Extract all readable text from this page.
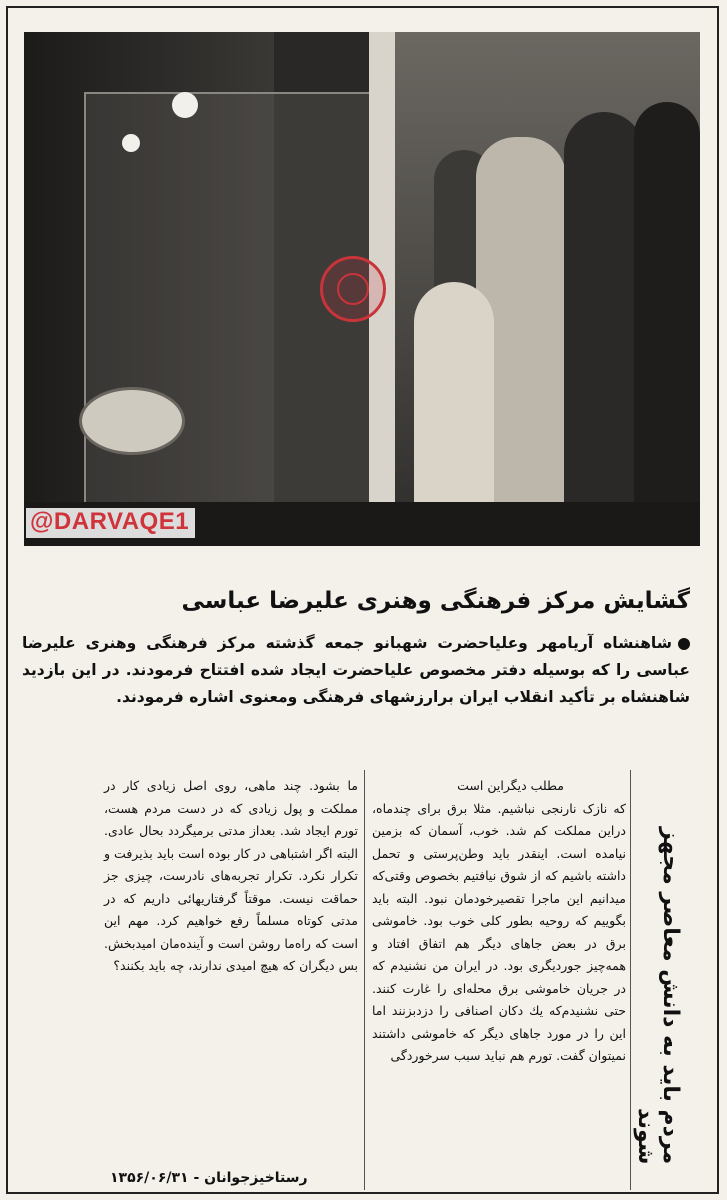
@DARVAQE1
گشایش مرکز فرهنگی وهنری علیرضا عباسی
شاهنشاه آریامهر وعلیاحضرت شهبانو جمعه گذشته مرکز فرهنگی وهنری علیرضا عباسی را که بوسیله دفتر مخصوص علیاحضرت ایجاد شده افتتاح فرمودند. در این بازدید شاهنشاه بر تأکید انقلاب ایران برارزشهای فرهنگی ومعنوی اشاره فرمودند.
مردم باید به دانش معاصر مجهز شوند
مطلب دیگراین است
که نازک نارنجی نباشیم. مثلا برق برای چندماه، دراین مملکت کم شد. خوب، آسمان که بزمین نیامده است. اینقدر باید وطن‌پرستی و تحمل داشته باشیم که از شوق نیافتیم بخصوص وقتی‌که میدانیم این ماجرا تقصیرخودمان نبود. البته باید بگوییم که روحیه بطور کلی خوب بود. خاموشی برق در بعض جاهای دیگر هم اتفاق افتاد و همه‌چیز جوردیگری بود. در ایران من نشنیدم که در جریان خاموشی برق محله‌ای را غارت کنند. حتی نشنیدم‌که یك دکان اصنافی را دزدبزنند اما این را در مورد جاهای دیگر که خاموشی داشتند نمیتوان گفت. تورم هم نباید سبب سرخوردگی
ما بشود. چند ماهی، روی اصل زیادی کار در مملکت و پول زیادی که در دست مردم هست، تورم ایجاد شد. بعداز مدتی برمیگردد بحال عادی. البته اگر اشتباهی در کار بوده است باید بذیرفت و تکرار نکرد. تکرار تجربه‌های نادرست، چیزی جز حماقت نیست. موقتاً گرفتاریهائی داریم که در مدتی کوتاه مسلماً رفع خواهیم کرد. مهم این است که راه‌ما روشن است و آینده‌مان امیدبخش. بس دیگران که هیچ امیدی ندارند، چه باید بکنند؟
رستاخیزجوانان - ۱۳۵۶/۰۶/۳۱
